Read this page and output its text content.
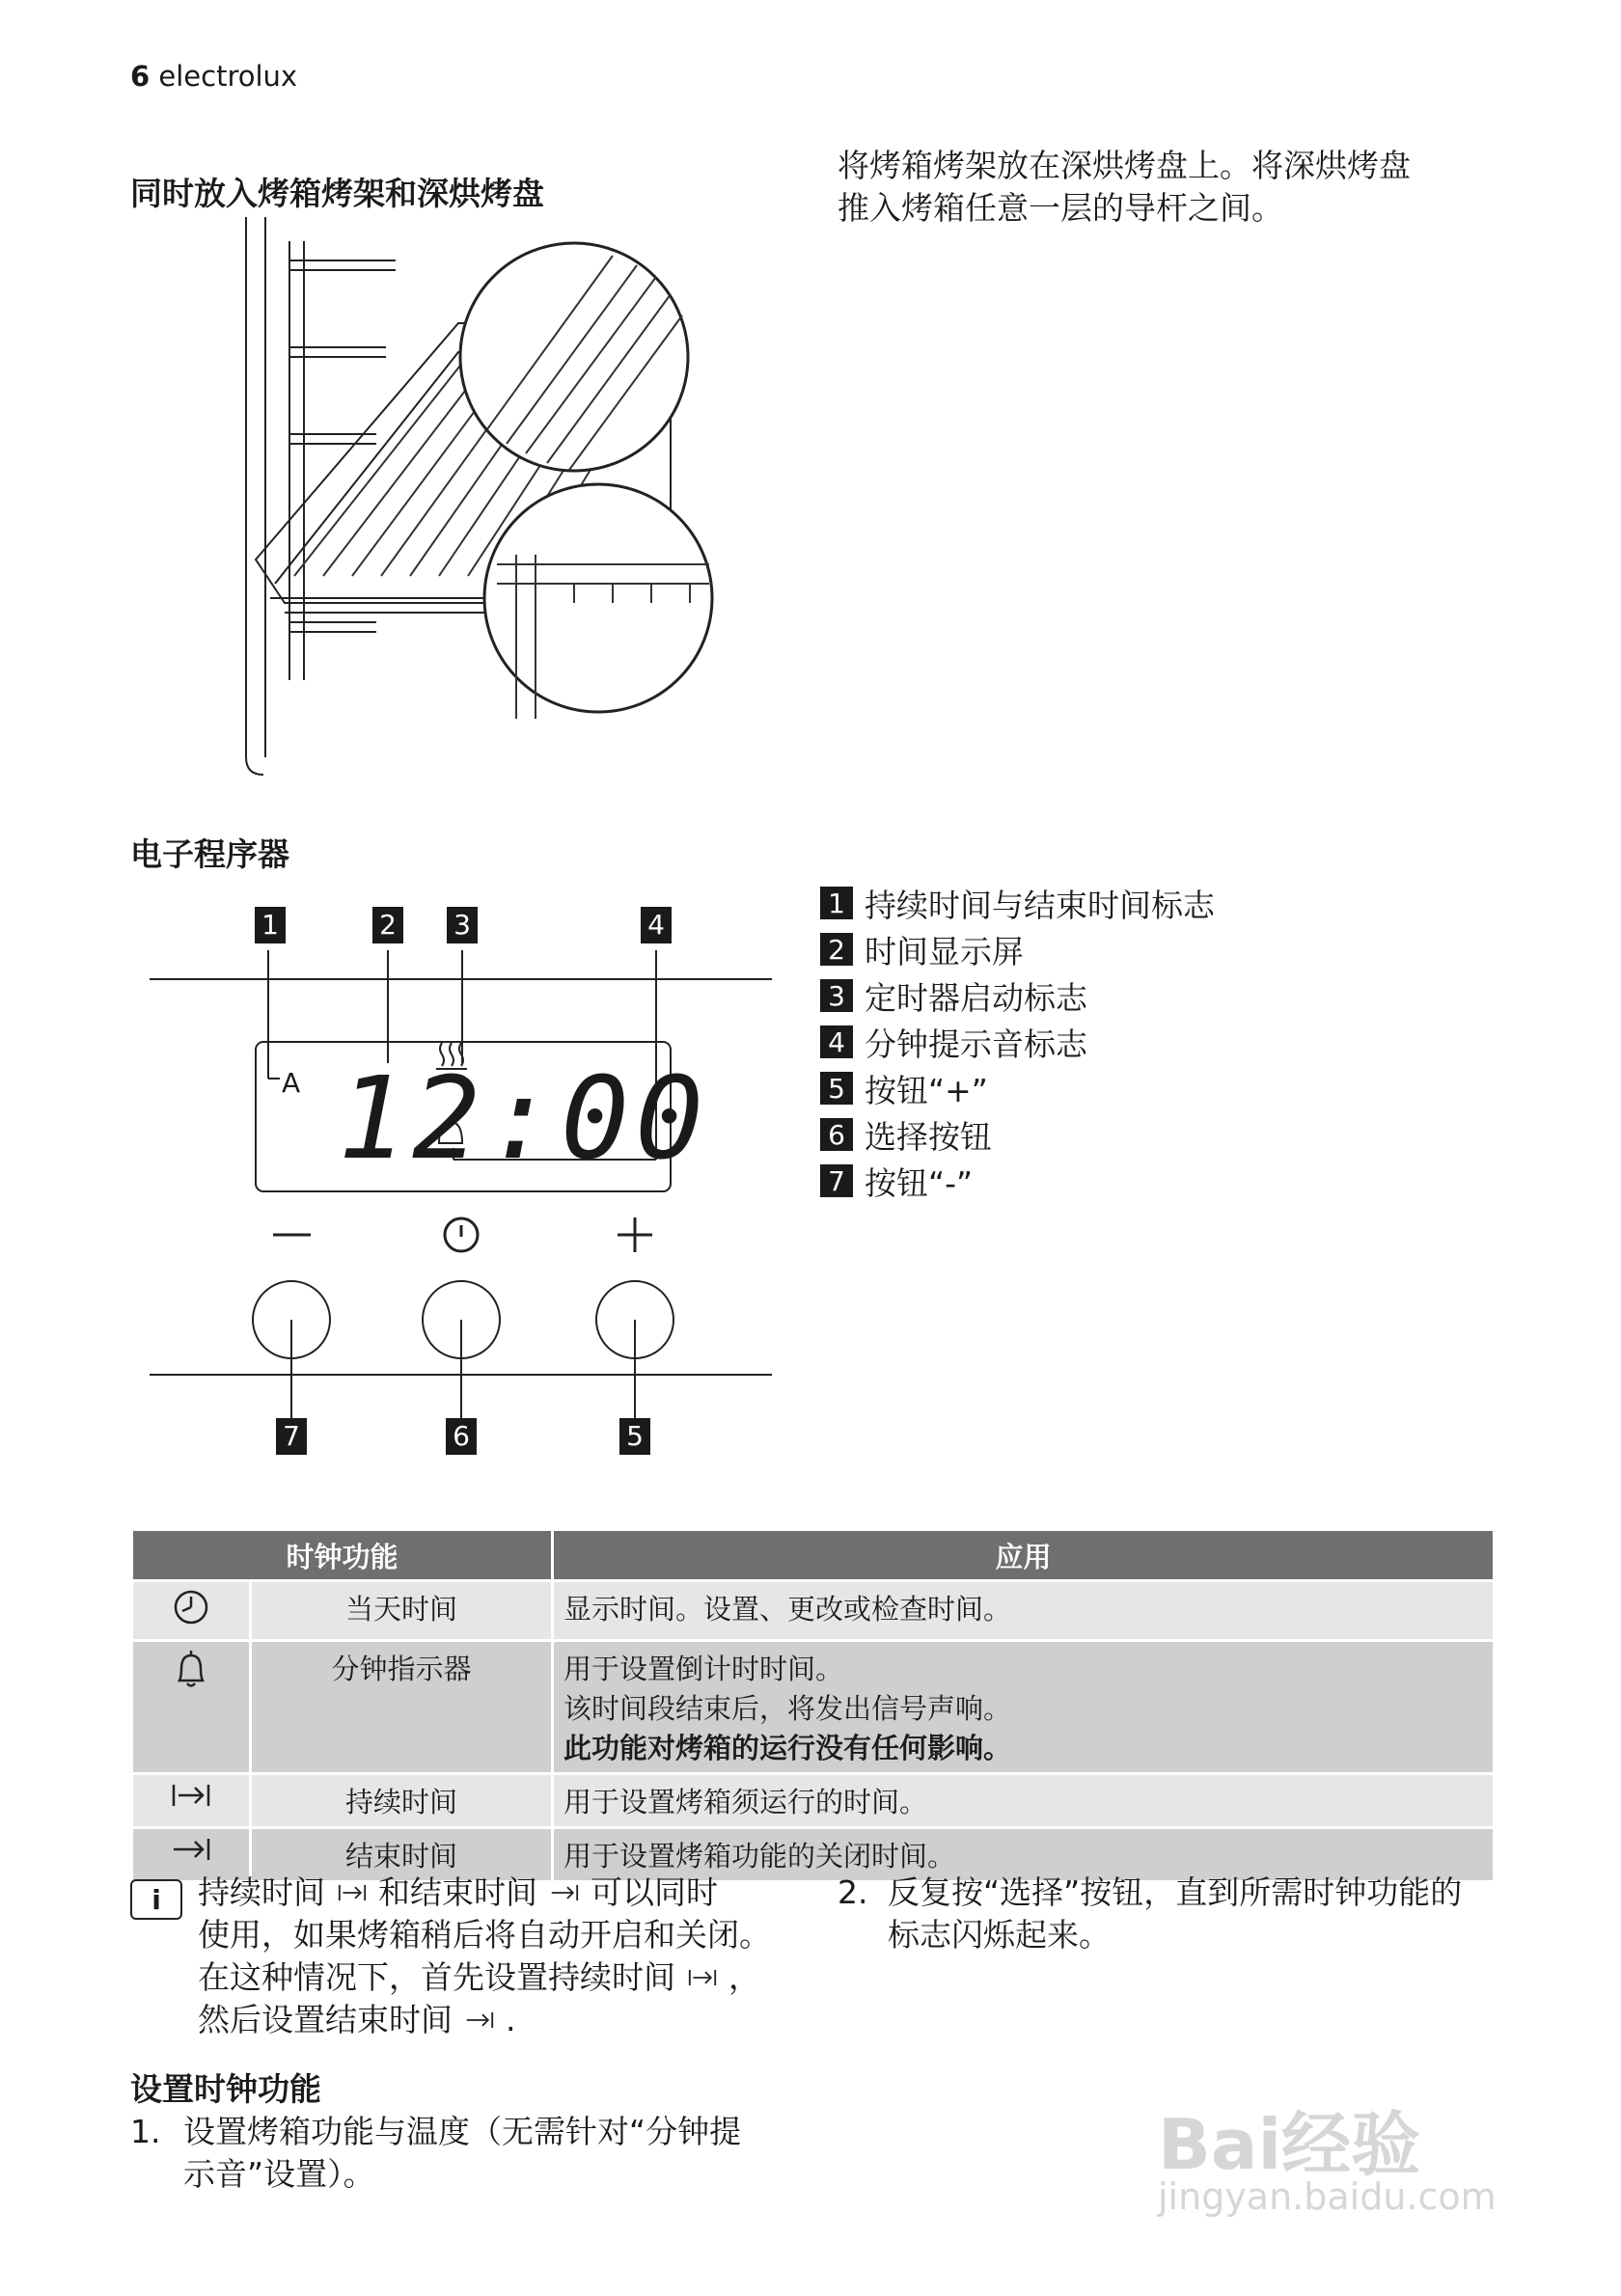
6 electrolux
同时放入烤箱烤架和深烘烤盘
将烤箱烤架放在深烘烤盘上。将深烘烤盘
推入烤箱任意一层的导杆之间。
电子程序器
1	2 3	4
5
6
7
A 12:00
1 持续时间与结束时间标志
2 时间显示屏
3 定时器启动标志
4 分钟提示音标志
5 按钮“+”
6 选择按钮
7 按钮“-”
时钟功能		应用
	当天时间	显示时间。设置、更改或检查时间。

	分钟指示器	用于设置倒计时时间。
该时间段结束后，将发出信号声响。
此功能对烤箱的运行没有任何影响。

	持续时间	用于设置烤箱须运行的时间。

	结束时间	用于设置烤箱功能的关闭时间。
i	持续时间 和结束时间 可以同时
使用，如果烤箱稍后将自动开启和关闭。
在这种情况下，首先设置持续时间 ，
然后设置结束时间 .
2. 反复按“选择”按钮，直到所需时钟功能的
标志闪烁起来。
设置时钟功能
1. 设置烤箱功能与温度（无需针对“分钟提
示音”设置）。	Bai经验
jingyan.baidu.com
